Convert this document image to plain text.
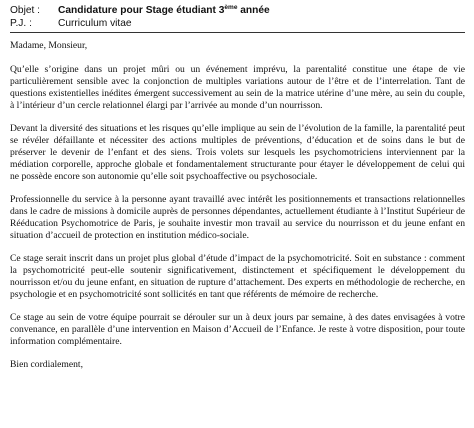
Objet :	Candidature pour Stage étudiant 3ème année
P.J. :	Curriculum vitae

Madame, Monsieur,

Qu’elle s’origine dans un projet mûri ou un événement imprévu, la parentalité constitue une étape de vie particulièrement sensible avec la conjonction de multiples variations autour de l’être et de l’interrelation. Tant de questions existentielles inédites émergent successivement au sein de la matrice utérine d’une mère, au sein du couple, à l’intérieur d’un cercle relationnel élargi par l’arrivée au monde d’un nourrisson.

Devant la diversité des situations et les risques qu’elle implique au sein de l’évolution de la famille, la parentalité peut se révéler défaillante et nécessiter des actions multiples de préventions, d’éducation et de soins dans le but de préserver le devenir de l’enfant et des siens. Trois volets sur lesquels les psychomotriciens interviennent par la médiation corporelle, approche globale et fondamentalement structurante pour étayer le développement de celui qui ne possède encore son autonomie qu’elle soit psychoaffective ou psychosociale.

Professionnelle du service à la personne ayant travaillé avec intérêt les positionnements et transactions relationnelles dans le cadre de missions à domicile auprès de personnes dépendantes, actuellement étudiante à l’Institut Supérieur de Rééducation Psychomotrice de Paris, je souhaite investir mon travail au service du nourrisson et du jeune enfant en situation d’accueil de protection en institution médico-sociale.

Ce stage serait inscrit dans un projet plus global d’étude d’impact de la psychomotricité. Soit en substance : comment la psychomotricité peut-elle soutenir significativement, distinctement et spécifiquement le développement du nourrisson et/ou du jeune enfant, en situation de rupture d’attachement. Des experts en méthodologie de recherche, en psychologie et en psychomotricité sont sollicités en tant que référents de mémoire de recherche.

Ce stage au sein de votre équipe pourrait se dérouler sur un à deux jours par semaine, à des dates envisagées à votre convenance, en parallèle d’une intervention en Maison d’Accueil de l’Enfance. Je reste à votre disposition, pour toute information complémentaire.

Bien cordialement,
